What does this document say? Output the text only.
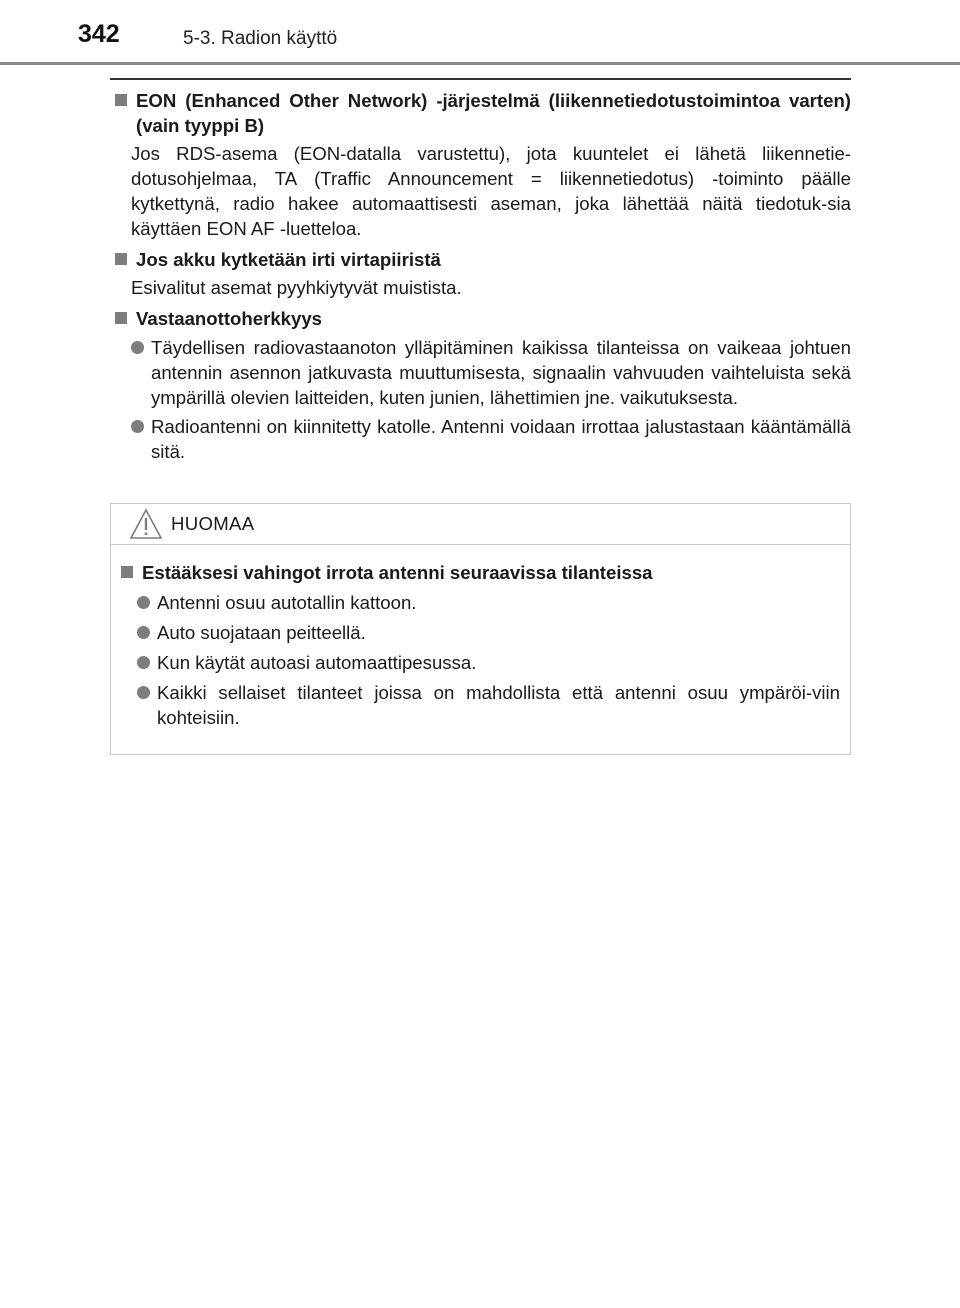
342	5-3. Radion käyttö
EON (Enhanced Other Network) -järjestelmä (liikennetiedotustoimintoa varten) (vain tyyppi B)
Jos RDS-asema (EON-datalla varustettu), jota kuuntelet ei lähetä liikennetie-dotusohjelmaa, TA (Traffic Announcement = liikennetiedotus) -toiminto päälle kytkettynä, radio hakee automaattisesti aseman, joka lähettää näitä tiedotuk-sia käyttäen EON AF -luetteloa.
Jos akku kytketään irti virtapiiristä
Esivalitut asemat pyyhkiytyvät muistista.
Vastaanottoherkkyys
Täydellisen radiovastaanoton ylläpitäminen kaikissa tilanteissa on vaikeaa johtuen antennin asennon jatkuvasta muuttumisesta, signaalin vahvuuden vaihteluista sekä ympärillä olevien laitteiden, kuten junien, lähettimien jne. vaikutuksesta.
Radioantenni on kiinnitetty katolle. Antenni voidaan irrottaa jalustastaan kääntämällä sitä.
HUOMAA
Estääksesi vahingot irrota antenni seuraavissa tilanteissa
Antenni osuu autotallin kattoon.
Auto suojataan peitteellä.
Kun käytät autoasi automaattipesussa.
Kaikki sellaiset tilanteet joissa on mahdollista että antenni osuu ympäröi-viin kohteisiin.
